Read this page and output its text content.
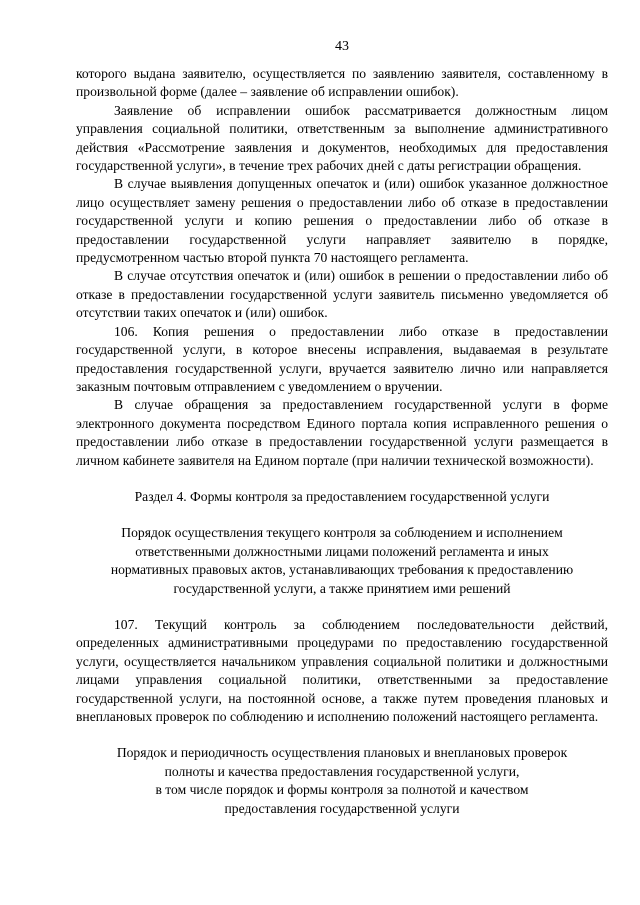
43

которого выдана заявителю, осуществляется по заявлению заявителя, составленному в произвольной форме (далее – заявление об исправлении ошибок).

Заявление об исправлении ошибок рассматривается должностным лицом управления социальной политики, ответственным за выполнение административного действия «Рассмотрение заявления и документов, необходимых для предоставления государственной услуги», в течение трех рабочих дней с даты регистрации обращения.

В случае выявления допущенных опечаток и (или) ошибок указанное должностное лицо осуществляет замену решения о предоставлении либо об отказе в предоставлении государственной услуги и копию решения о предоставлении либо об отказе в предоставлении государственной услуги направляет заявителю в порядке, предусмотренном частью второй пункта 70 настоящего регламента.

В случае отсутствия опечаток и (или) ошибок в решении о предоставлении либо об отказе в предоставлении государственной услуги заявитель письменно уведомляется об отсутствии таких опечаток и (или) ошибок.

106. Копия решения о предоставлении либо отказе в предоставлении государственной услуги, в которое внесены исправления, выдаваемая в результате предоставления государственной услуги, вручается заявителю лично или направляется заказным почтовым отправлением с уведомлением о вручении.

В случае обращения за предоставлением государственной услуги в форме электронного документа посредством Единого портала копия исправленного решения о предоставлении либо отказе в предоставлении государственной услуги размещается в личном кабинете заявителя на Едином портале (при наличии технической возможности).

Раздел 4. Формы контроля за предоставлением государственной услуги

Порядок осуществления текущего контроля за соблюдением и исполнением
ответственными должностными лицами положений регламента и иных
нормативных правовых актов, устанавливающих требования к предоставлению
государственной услуги, а также принятием ими решений

107. Текущий контроль за соблюдением последовательности действий, определенных административными процедурами по предоставлению государственной услуги, осуществляется начальником управления социальной политики и должностными лицами управления социальной политики, ответственными за предоставление государственной услуги, на постоянной основе, а также путем проведения плановых и внеплановых проверок по соблюдению и исполнению положений настоящего регламента.

Порядок и периодичность осуществления плановых и внеплановых проверок
полноты и качества предоставления государственной услуги,
в том числе порядок и формы контроля за полнотой и качеством
предоставления государственной услуги
